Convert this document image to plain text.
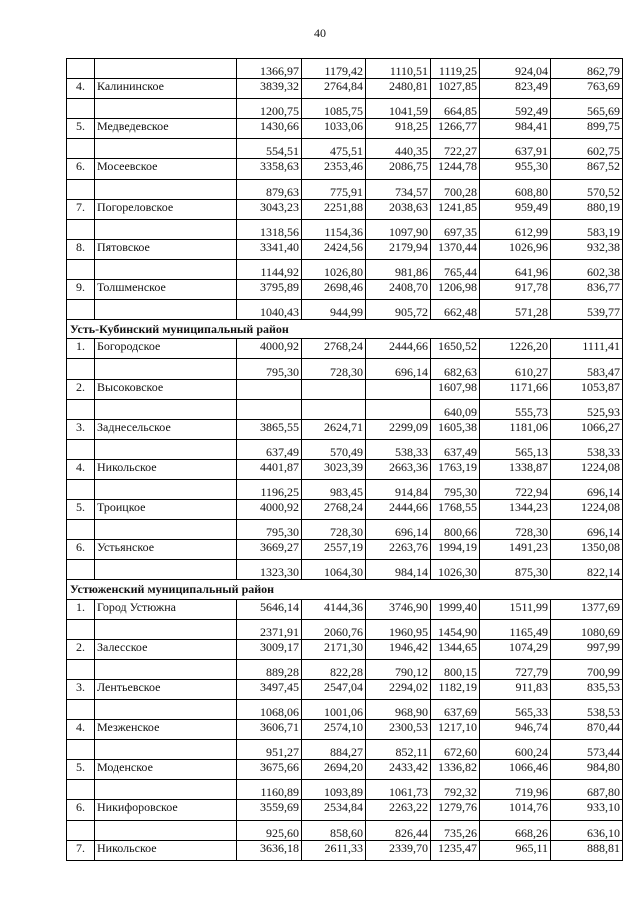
40
		1366,97	1179,42	1110,51	1119,25	924,04	862,79
4.	Калининское	3839,32	2764,84	2480,81	1027,85	823,49	763,69
		1200,75	1085,75	1041,59	664,85	592,49	565,69
5.	Медведевское	1430,66	1033,06	918,25	1266,77	984,41	899,75
		554,51	475,51	440,35	722,27	637,91	602,75
6.	Мосеевское	3358,63	2353,46	2086,75	1244,78	955,30	867,52
		879,63	775,91	734,57	700,28	608,80	570,52
7.	Погореловское	3043,23	2251,88	2038,63	1241,85	959,49	880,19
		1318,56	1154,36	1097,90	697,35	612,99	583,19
8.	Пятовское	3341,40	2424,56	2179,94	1370,44	1026,96	932,38
		1144,92	1026,80	981,86	765,44	641,96	602,38
9.	Толшменское	3795,89	2698,46	2408,70	1206,98	917,78	836,77
		1040,43	944,99	905,72	662,48	571,28	539,77
Усть-Кубинский муниципальный район							
1.	Богородское	4000,92	2768,24	2444,66	1650,52	1226,20	1111,41
		795,30	728,30	696,14	682,63	610,27	583,47
2.	Высоковское				1607,98	1171,66	1053,87
					640,09	555,73	525,93
3.	Заднесельское	3865,55	2624,71	2299,09	1605,38	1181,06	1066,27
		637,49	570,49	538,33	637,49	565,13	538,33
4.	Никольское	4401,87	3023,39	2663,36	1763,19	1338,87	1224,08
		1196,25	983,45	914,84	795,30	722,94	696,14
5.	Троицкое	4000,92	2768,24	2444,66	1768,55	1344,23	1224,08
		795,30	728,30	696,14	800,66	728,30	696,14
6.	Устьянское	3669,27	2557,19	2263,76	1994,19	1491,23	1350,08
		1323,30	1064,30	984,14	1026,30	875,30	822,14
Устюженский муниципальный район							
1.	Город Устюжна	5646,14	4144,36	3746,90	1999,40	1511,99	1377,69
		2371,91	2060,76	1960,95	1454,90	1165,49	1080,69
2.	Залесское	3009,17	2171,30	1946,42	1344,65	1074,29	997,99
		889,28	822,28	790,12	800,15	727,79	700,99
3.	Лентьевское	3497,45	2547,04	2294,02	1182,19	911,83	835,53
		1068,06	1001,06	968,90	637,69	565,33	538,53
4.	Мезженское	3606,71	2574,10	2300,53	1217,10	946,74	870,44
		951,27	884,27	852,11	672,60	600,24	573,44
5.	Моденское	3675,66	2694,20	2433,42	1336,82	1066,46	984,80
		1160,89	1093,89	1061,73	792,32	719,96	687,80
6.	Никифоровское	3559,69	2534,84	2263,22	1279,76	1014,76	933,10
		925,60	858,60	826,44	735,26	668,26	636,10
7.	Никольское	3636,18	2611,33	2339,70	1235,47	965,11	888,81
